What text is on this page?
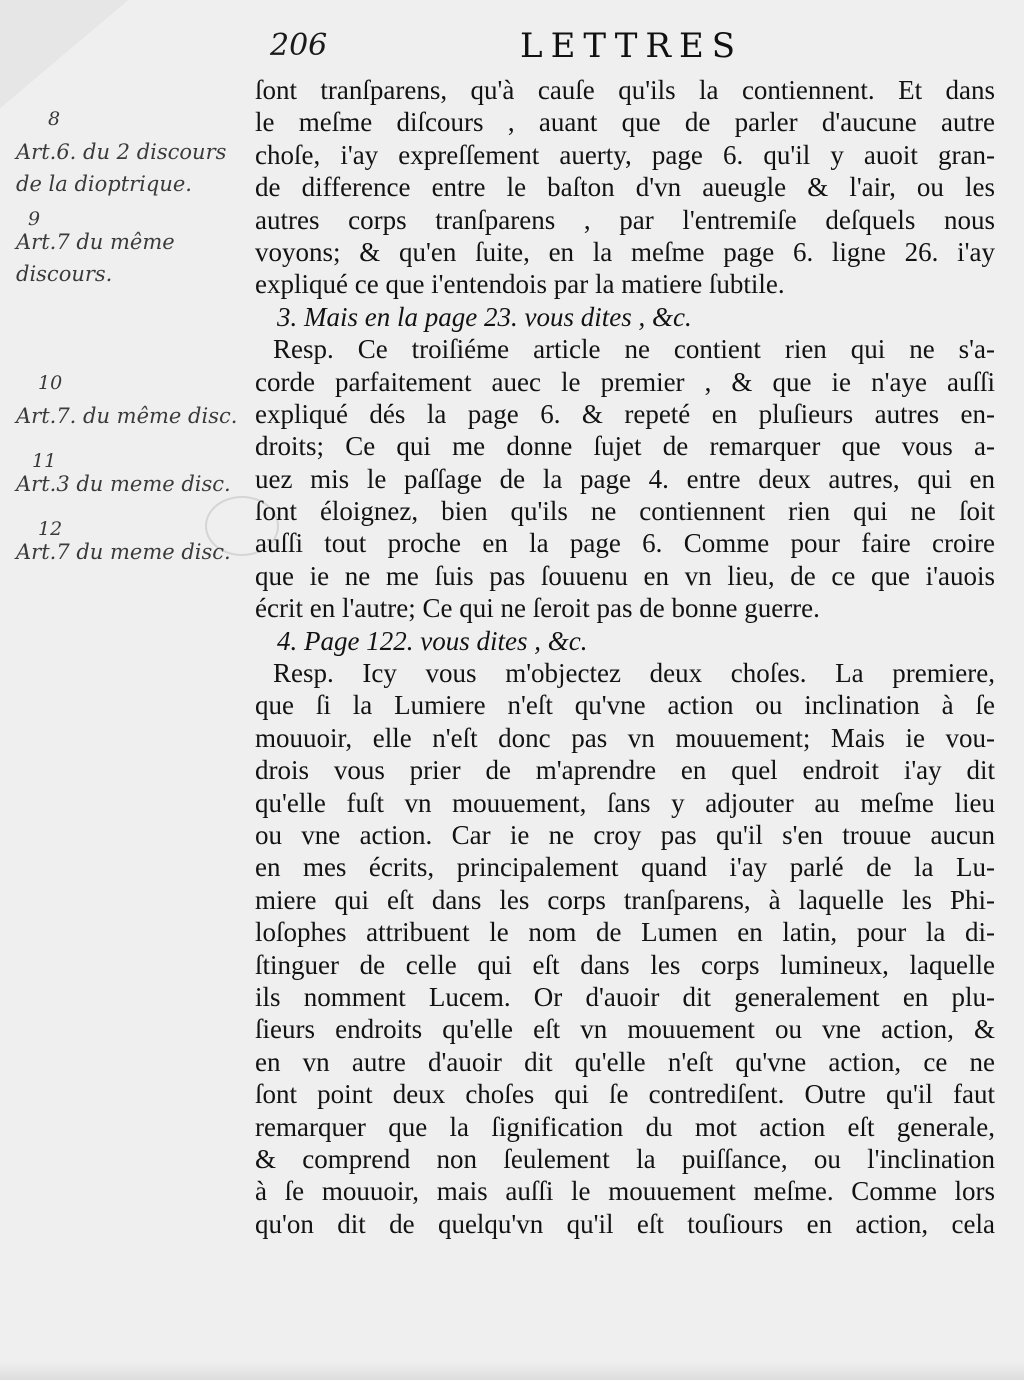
206	LETTRES
8
Art.6. du 2 discours
de la dioptrique.
9
Art.7 du même
discours.
10
Art.7. du même disc.
11
Art.3 du meme disc.
12
Art.7 du meme disc.
ſont tranſparens, qu'à cauſe qu'ils la contiennent. Et dans
le meſme diſcours , auant que de parler d'aucune autre
choſe, i'ay expreſſement auerty, page 6. qu'il y auoit gran-
de difference entre le baſton d'vn aueugle & l'air, ou les
autres corps tranſparens , par l'entremiſe deſquels nous
voyons; & qu'en ſuite, en la meſme page 6. ligne 26. i'ay
expliqué ce que i'entendois par la matiere ſubtile.
3. Mais en la page 23. vous dites , &c.
Resp. Ce troiſiéme article ne contient rien qui ne s'a-
corde parfaitement auec le premier , & que ie n'aye auſſi
expliqué dés la page 6. & repeté en pluſieurs autres en-
droits; Ce qui me donne ſujet de remarquer que vous a-
uez mis le paſſage de la page 4. entre deux autres, qui en
ſont éloignez, bien qu'ils ne contiennent rien qui ne ſoit
auſſi tout proche en la page 6. Comme pour faire croire
que ie ne me ſuis pas ſouuenu en vn lieu, de ce que i'auois
écrit en l'autre; Ce qui ne ſeroit pas de bonne guerre.
4. Page 122. vous dites , &c.
Resp. Icy vous m'objectez deux choſes. La premiere,
que ſi la Lumiere n'eſt qu'vne action ou inclination à ſe
mouuoir, elle n'eſt donc pas vn mouuement; Mais ie vou-
drois vous prier de m'aprendre en quel endroit i'ay dit
qu'elle fuſt vn mouuement, ſans y adjouter au meſme lieu
ou vne action. Car ie ne croy pas qu'il s'en trouue aucun
en mes écrits, principalement quand i'ay parlé de la Lu-
miere qui eſt dans les corps tranſparens, à laquelle les Phi-
loſophes attribuent le nom de Lumen en latin, pour la di-
ſtinguer de celle qui eſt dans les corps lumineux, laquelle
ils nomment Lucem. Or d'auoir dit generalement en plu-
ſieurs endroits qu'elle eſt vn mouuement ou vne action, &
en vn autre d'auoir dit qu'elle n'eſt qu'vne action, ce ne
ſont point deux choſes qui ſe contrediſent. Outre qu'il faut
remarquer que la ſignification du mot action eſt generale,
& comprend non ſeulement la puiſſance, ou l'inclination
à ſe mouuoir, mais auſſi le mouuement meſme. Comme lors
qu'on dit de quelqu'vn qu'il eſt touſiours en action, cela
